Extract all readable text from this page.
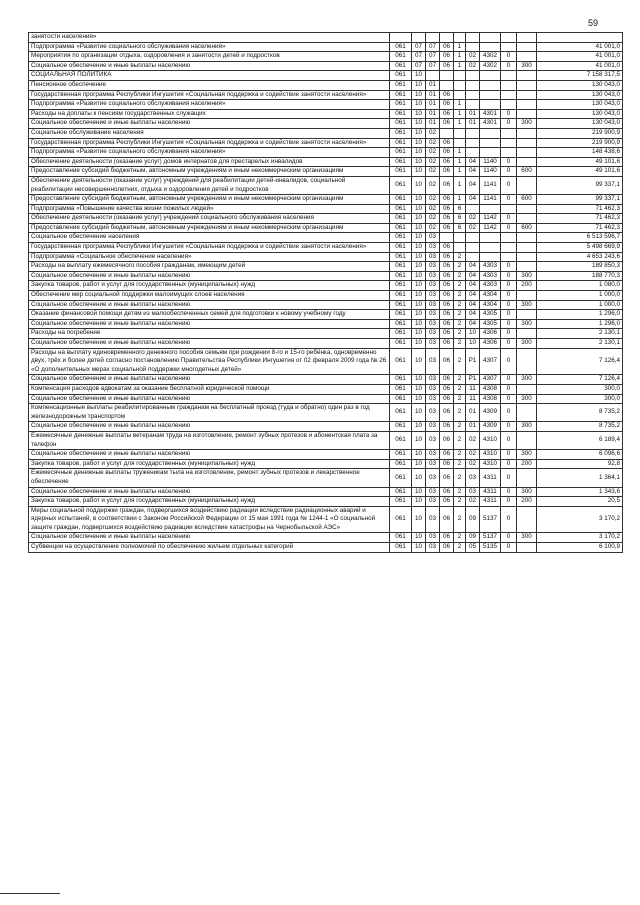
59
занятости населения»										
Подпрограмма «Развитие социального обслуживания населения»	061	07	07	06	1					41 001,0
Мероприятия по организации отдыха, оздоровления и занятости детей и подростков	061	07	07	06	1	02	4302	0		41 001,0
Социальное обеспечение и иные выплаты населению	061	07	07	06	1	02	4302	0	300	41 001,0
СОЦИАЛЬНАЯ ПОЛИТИКА	061	10								7 158 317,5
Пенсионное обеспечение	061	10	01							130 043,0
Государственная программа Республики Ингушетия «Социальная поддержка и содействие занятости населения»	061	10	01	06						130 043,0
Подпрограмма «Развитие социального обслуживания населения»	061	10	01	06	1					130 043,0
Расходы на доплаты к пенсиям государственных служащих	061	10	01	06	1	01	4301	0		130 043,0
Социальное обеспечение и иные выплаты населению	061	10	01	06	1	01	4301	0	300	130 043,0
Социальное обслуживание населения	061	10	02							219 900,9
Государственная программа Республики Ингушетия «Социальная поддержка и содействие занятости населения»	061	10	02	06						219 900,9
Подпрограмма «Развитие социального обслуживания населения»	061	10	02	06	1					148 438,6
Обеспечение деятельности (оказание услуг) домов интернатов для престарелых инвалидов	061	10	02	06	1	04	1140	0		49 101,6
Предоставление субсидий бюджетным, автономным учреждениям и иным некоммерческим организациям	061	10	02	06	1	04	1140	0	600	49 101,6
Обеспечение деятельности (оказание услуг) учреждений для реабилитации детей-инвалидов, социальной реабилитации несовершеннолетних, отдыха и оздоровления детей и подростков	061	10	02	06	1	04	1141	0		99 337,1
Предоставление субсидий бюджетным, автономным учреждениям и иным некоммерческим организациям	061	10	02	06	1	04	1141	0	600	99 337,1
Подпрограмма «Повышение качества жизни пожилых людей»	061	10	02	06	6					71 462,3
Обеспечение деятельности (оказание услуг) учреждений социального обслуживания населения	061	10	02	06	6	02	1142	0		71 462,3
Предоставление субсидий бюджетным, автономным учреждениям и иным некоммерческим организациям	061	10	02	06	6	02	1142	0	600	71 462,3
Социальное обеспечение населения	061	10	03							6 513 596,7
Государственная программа Республики Ингушетия «Социальная поддержка и содействие занятости населения»	061	10	03	06						5 498 669,9
Подпрограмма «Социальное обеспечение населения»	061	10	03	06	2					4 653 243,6
Расходы на выплату ежемесячного пособия гражданам, имеющим детей	061	10	03	06	2	04	4303	0		189 850,3
Социальное обеспечение и иные выплаты населению	061	10	03	06	2	04	4303	0	300	188 770,3
Закупка товаров, работ и услуг для государственных (муниципальных) нужд	061	10	03	06	2	04	4303	0	200	1 080,0
Обеспечение мер социальной поддержки малоимущих слоев населения	061	10	03	06	2	04	4304	0		1 000,0
Социальное обеспечение и иные выплаты населению	061	10	03	06	2	04	4304	0	300	1 000,0
Оказание финансовой помощи детям из малообеспеченных семей для подготовки к новому учебному году	061	10	03	06	2	04	4305	0		1 296,0
Социальное обеспечение и иные выплаты населению	061	10	03	06	2	04	4305	0	300	1 296,0
Расходы на погребение	061	10	03	06	2	10	4306	0		2 130,1
Социальное обеспечение и иные выплаты населению	061	10	03	06	2	10	4306	0	300	2 130,1
Расходы на выплату единовременного денежного пособия семьям при рождении 8-го и 15-го ребёнка, одновременно двух, трёх и более детей согласно постановлению Правительства Республики Ингушетия от 02 февраля 2009 года № 26 «О дополнительных мерах социальной поддержки многодетных детей»	061	10	03	06	2	Р1	4307	0		7 126,4
Социальное обеспечение и иные выплаты населению	061	10	03	06	2	Р1	4307	0	300	7 126,4
Компенсация расходов адвокатам за оказание бесплатной юридической помощи	061	10	03	06	2	11	4308	0		300,0
Социальное обеспечение и иные выплаты населению	061	10	03	06	2	11	4308	0	300	300,0
Компенсационные выплаты реабилитированным гражданам на бесплатный проезд (туда и обратно) один раз в год железнодорожным транспортом	061	10	03	06	2	01	4309	0		8 735,2
Социальное обеспечение и иные выплаты населению	061	10	03	06	2	01	4309	0	300	8 735,2
Ежемесячные денежные выплаты ветеранам труда на изготовление, ремонт зубных протезов и абонентская плата за телефон	061	10	03	06	2	02	4310	0		6 189,4
Социальное обеспечение и иные выплаты населению	061	10	03	06	2	02	4310	0	300	6 096,6
Закупка товаров, работ и услуг для государственных (муниципальных) нужд	061	10	03	06	2	02	4310	0	200	92,8
Ежемесячные денежные выплаты труженикам тыла на изготовление, ремонт зубных протезов и лекарственное обеспечение	061	10	03	06	2	03	4311	0		1 364,1
Социальное обеспечение и иные выплаты населению	061	10	03	06	2	03	4311	0	300	1 343,6
Закупка товаров, работ и услуг для государственных (муниципальных) нужд	061	10	03	06	2	02	4311	0	200	20,5
Меры социальной поддержки граждан, подвергшихся воздействию радиации вследствие радиационных аварий и ядерных испытаний, в соответствии с Законом Российской Федерации от 15 мая 1991 года № 1244-1 «О социальной защите граждан, подвергшихся воздействию радиации вследствие катастрофы на Чернобыльской АЭС»	061	10	03	06	2	09	5137	0		3 170,2
Социальное обеспечение и иные выплаты населению	061	10	03	06	2	09	5137	0	300	3 170,2
Субвенции на осуществление полномочий по обеспечению жильем отдельных категорий	061	10	03	06	2	05	5135	0		6 100,9
